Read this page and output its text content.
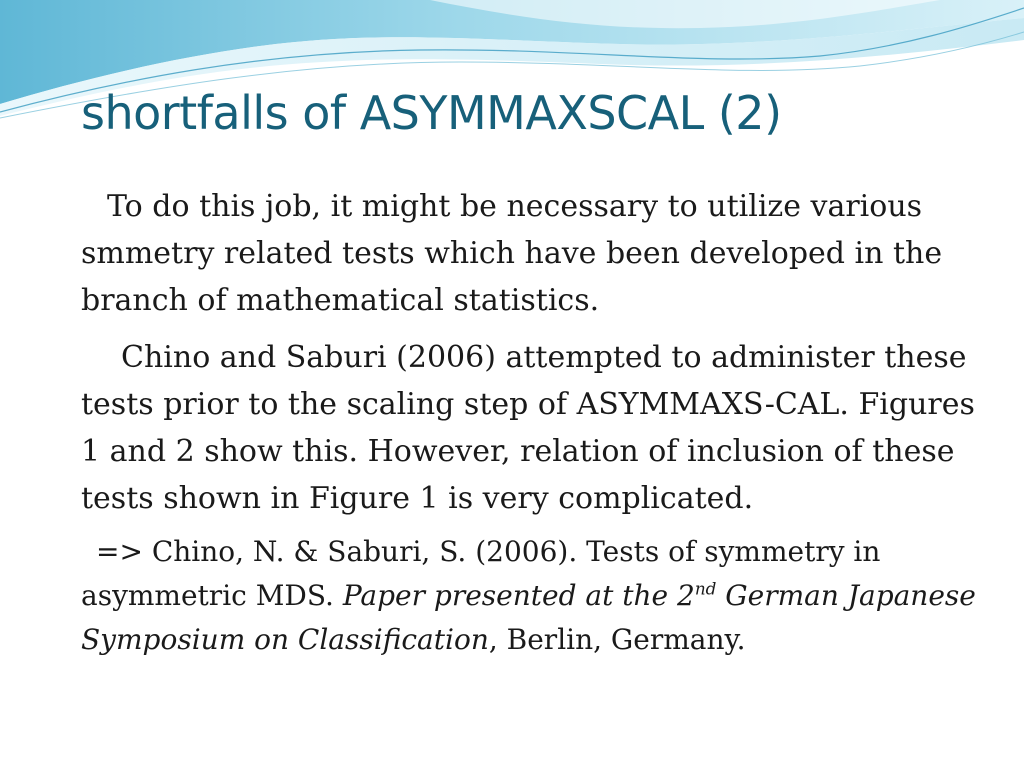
shortfalls of ASYMMAXSCAL (2)

To do this job, it might be necessary to utilize various smmetry related tests which have been developed in the branch of mathematical statistics.

Chino and Saburi (2006) attempted to administer these tests prior to the scaling step of ASYMMAXS-CAL. Figures 1 and 2 show this. However, relation of inclusion of these tests shown in Figure 1 is very complicated.

=> Chino, N. & Saburi, S. (2006). Tests of symmetry in asymmetric MDS. Paper presented at the 2nd German Japanese Symposium on Classification, Berlin, Germany.
